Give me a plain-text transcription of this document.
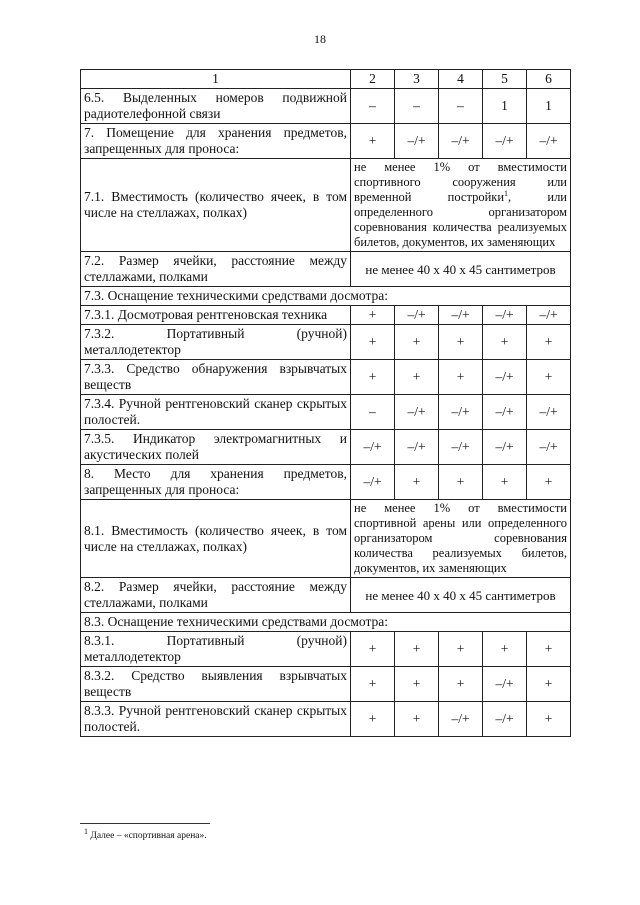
18
1	2	3	4	5	6
6.5. Выделенных номеров подвижной радиотелефонной связи	–	–	–	1	1
7. Помещение для хранения предметов, запрещенных для проноса:	+	–/+	–/+	–/+	–/+
7.1. Вместимость (количество ячеек, в том числе на стеллажах, полках)	не менее 1% от вместимости спортивного сооружения или временной постройки$^1$, или определенного организатором соревнования количества реализуемых билетов, документов, их заменяющих				
7.2. Размер ячейки, расстояние между стеллажами, полками	не менее 40 х 40 х 45 сантиметров				
7.3. Оснащение техническими средствами досмотра:					
7.3.1. Досмотровая рентгеновская техника	+	–/+	–/+	–/+	–/+
7.3.2. Портативный (ручной) металлодетектор	+	+	+	+	+
7.3.3. Средство обнаружения взрывчатых веществ	+	+	+	–/+	+
7.3.4. Ручной рентгеновский сканер скрытых полостей.	–	–/+	–/+	–/+	–/+
7.3.5. Индикатор электромагнитных и акустических полей	–/+	–/+	–/+	–/+	–/+
8. Место для хранения предметов, запрещенных для проноса:	–/+	+	+	+	+
8.1. Вместимость (количество ячеек, в том числе на стеллажах, полках)	не менее 1% от вместимости спортивной арены или определенного организатором соревнования количества реализуемых билетов, документов, их заменяющих				
8.2. Размер ячейки, расстояние между стеллажами, полками	не менее 40 х 40 х 45 сантиметров				
8.3. Оснащение техническими средствами досмотра:					
8.3.1. Портативный (ручной) металлодетектор	+	+	+	+	+
8.3.2. Средство выявления взрывчатых веществ	+	+	+	–/+	+
8.3.3. Ручной рентгеновский сканер скрытых полостей.	+	+	–/+	–/+	+
$^1$ Далее – «спортивная арена».
